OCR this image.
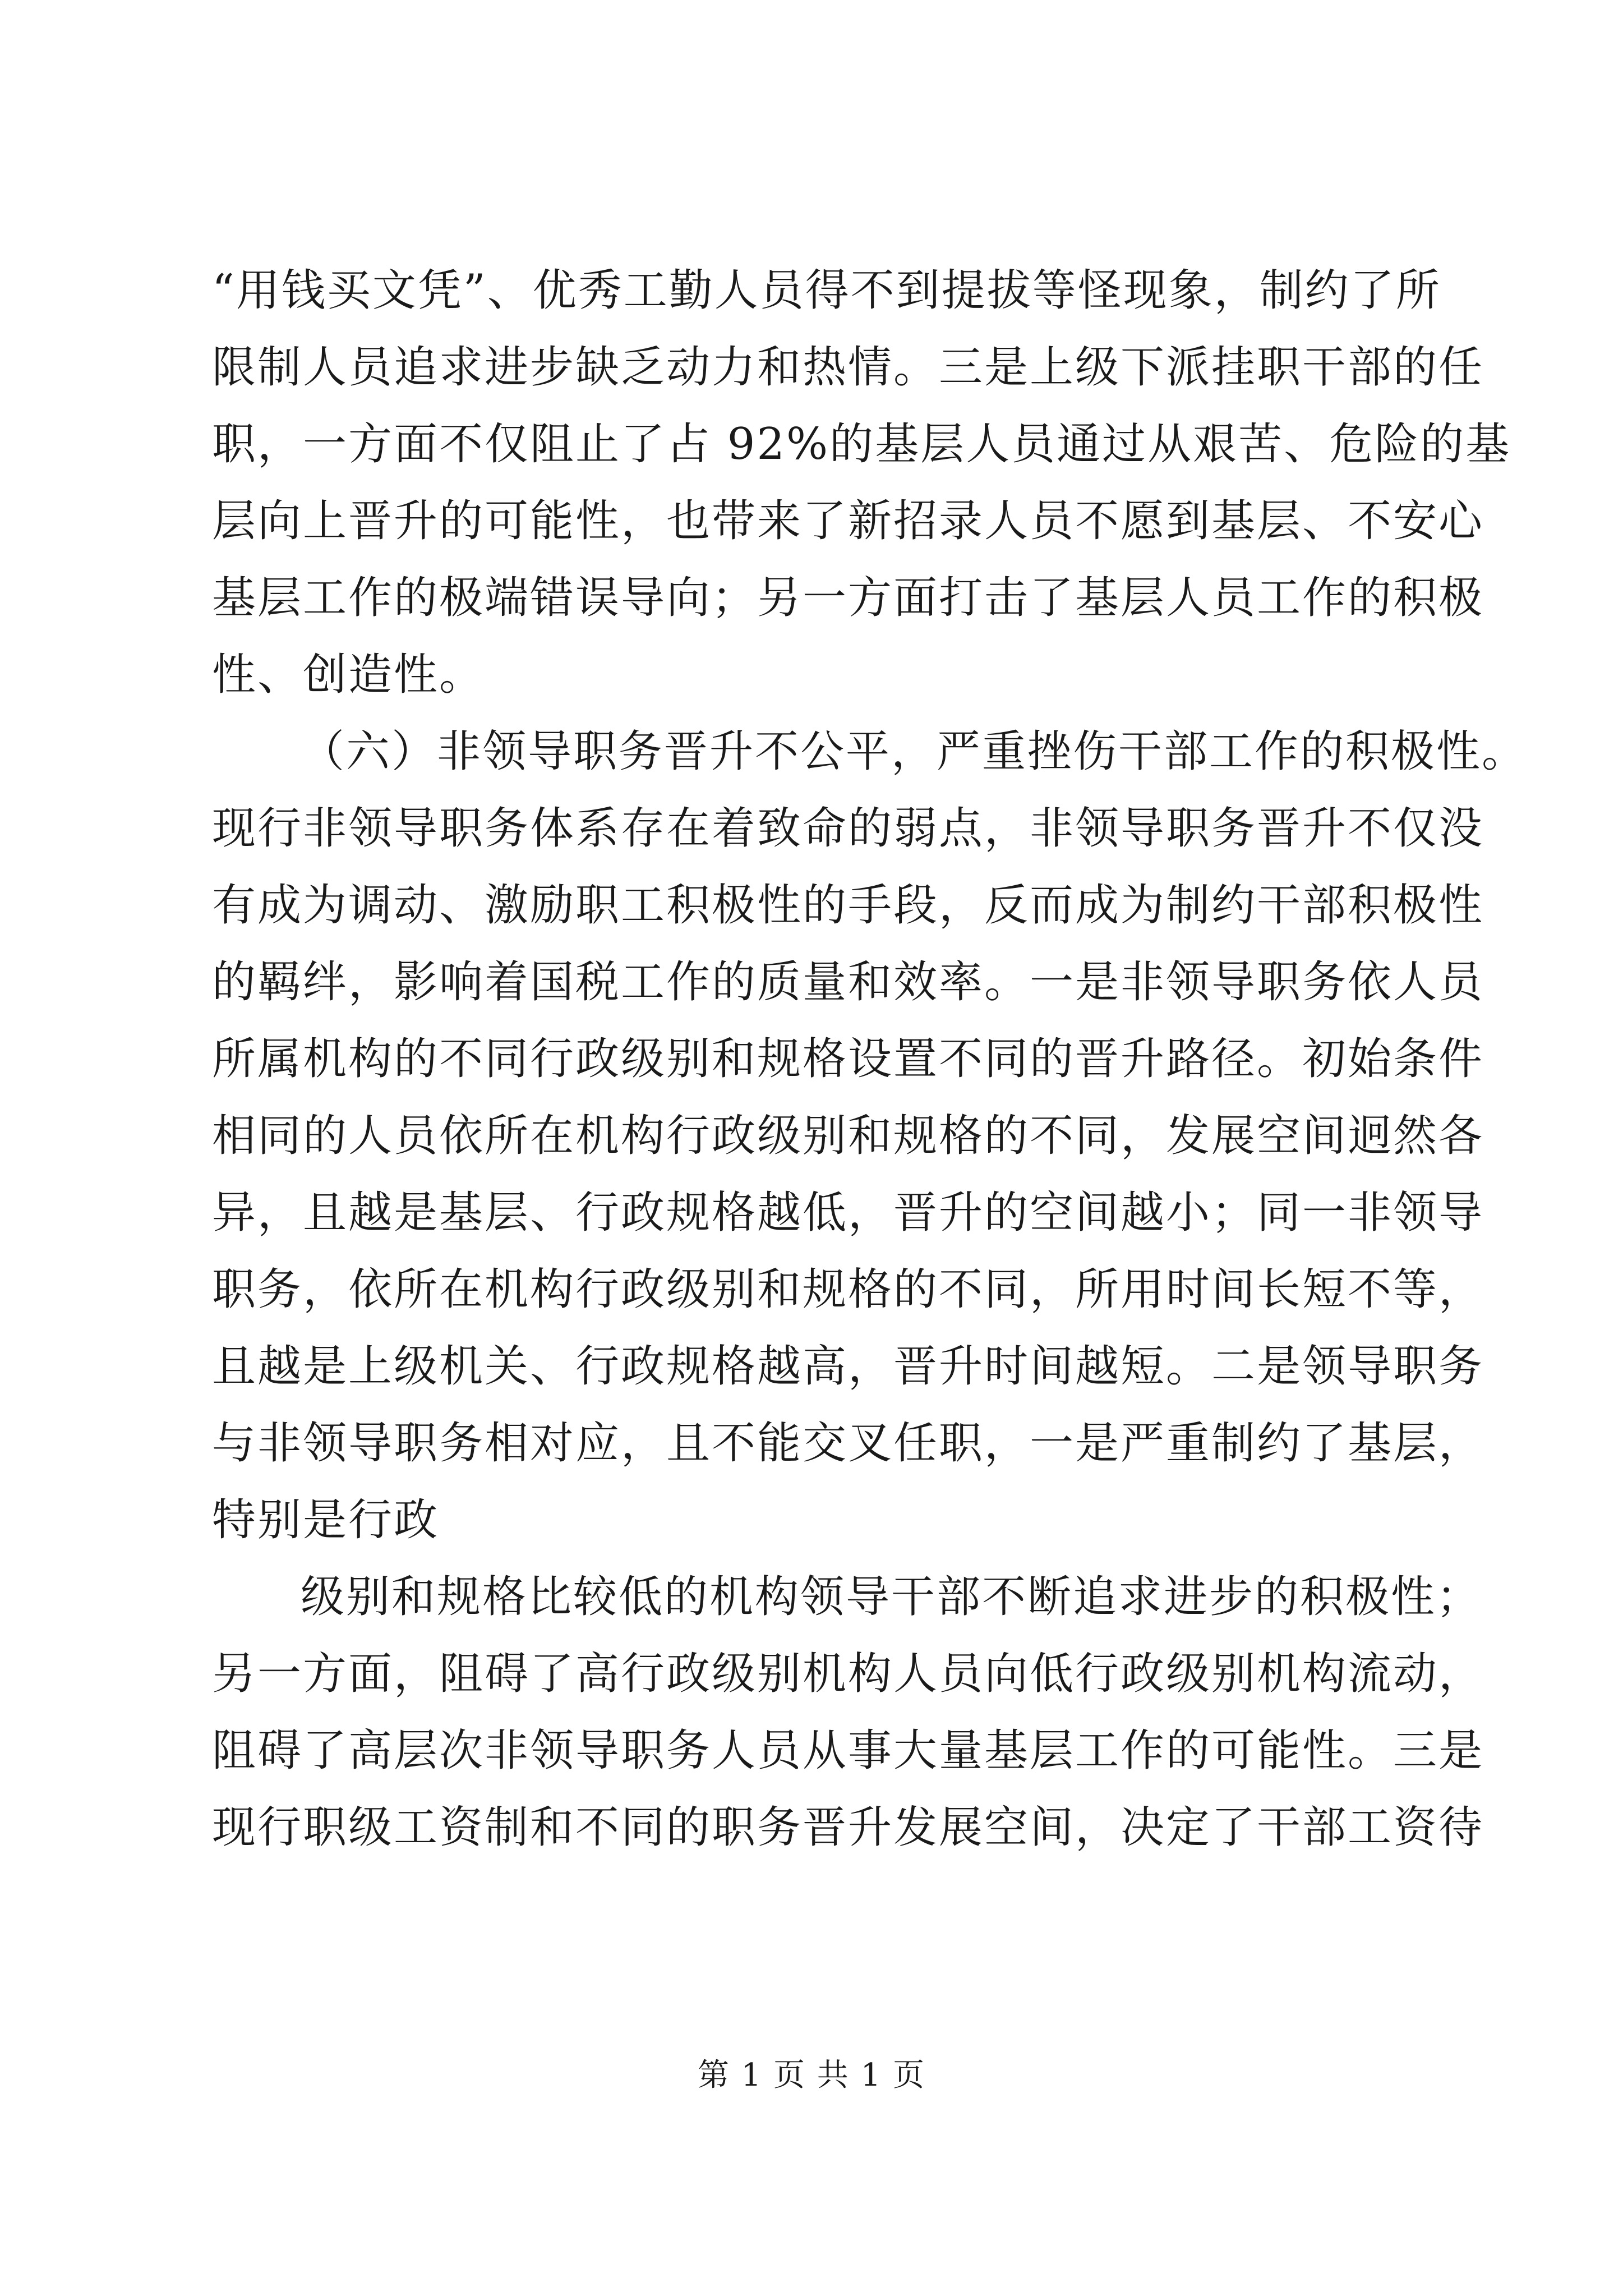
“用钱买文凭”、优秀工勤人员得不到提拔等怪现象，制约了所
限制人员追求进步缺乏动力和热情。三是上级下派挂职干部的任
职，一方面不仅阻止了占 92%的基层人员通过从艰苦、危险的基
层向上晋升的可能性，也带来了新招录人员不愿到基层、不安心
基层工作的极端错误导向；另一方面打击了基层人员工作的积极
性、创造性。
（六）非领导职务晋升不公平，严重挫伤干部工作的积极性。
现行非领导职务体系存在着致命的弱点，非领导职务晋升不仅没
有成为调动、激励职工积极性的手段，反而成为制约干部积极性
的羁绊，影响着国税工作的质量和效率。一是非领导职务依人员
所属机构的不同行政级别和规格设置不同的晋升路径。初始条件
相同的人员依所在机构行政级别和规格的不同，发展空间迥然各
异，且越是基层、行政规格越低，晋升的空间越小；同一非领导
职务，依所在机构行政级别和规格的不同，所用时间长短不等，
且越是上级机关、行政规格越高，晋升时间越短。二是领导职务
与非领导职务相对应，且不能交叉任职，一是严重制约了基层，
特别是行政
级别和规格比较低的机构领导干部不断追求进步的积极性；
另一方面，阻碍了高行政级别机构人员向低行政级别机构流动，
阻碍了高层次非领导职务人员从事大量基层工作的可能性。三是
现行职级工资制和不同的职务晋升发展空间，决定了干部工资待
第 1 页 共 1 页
